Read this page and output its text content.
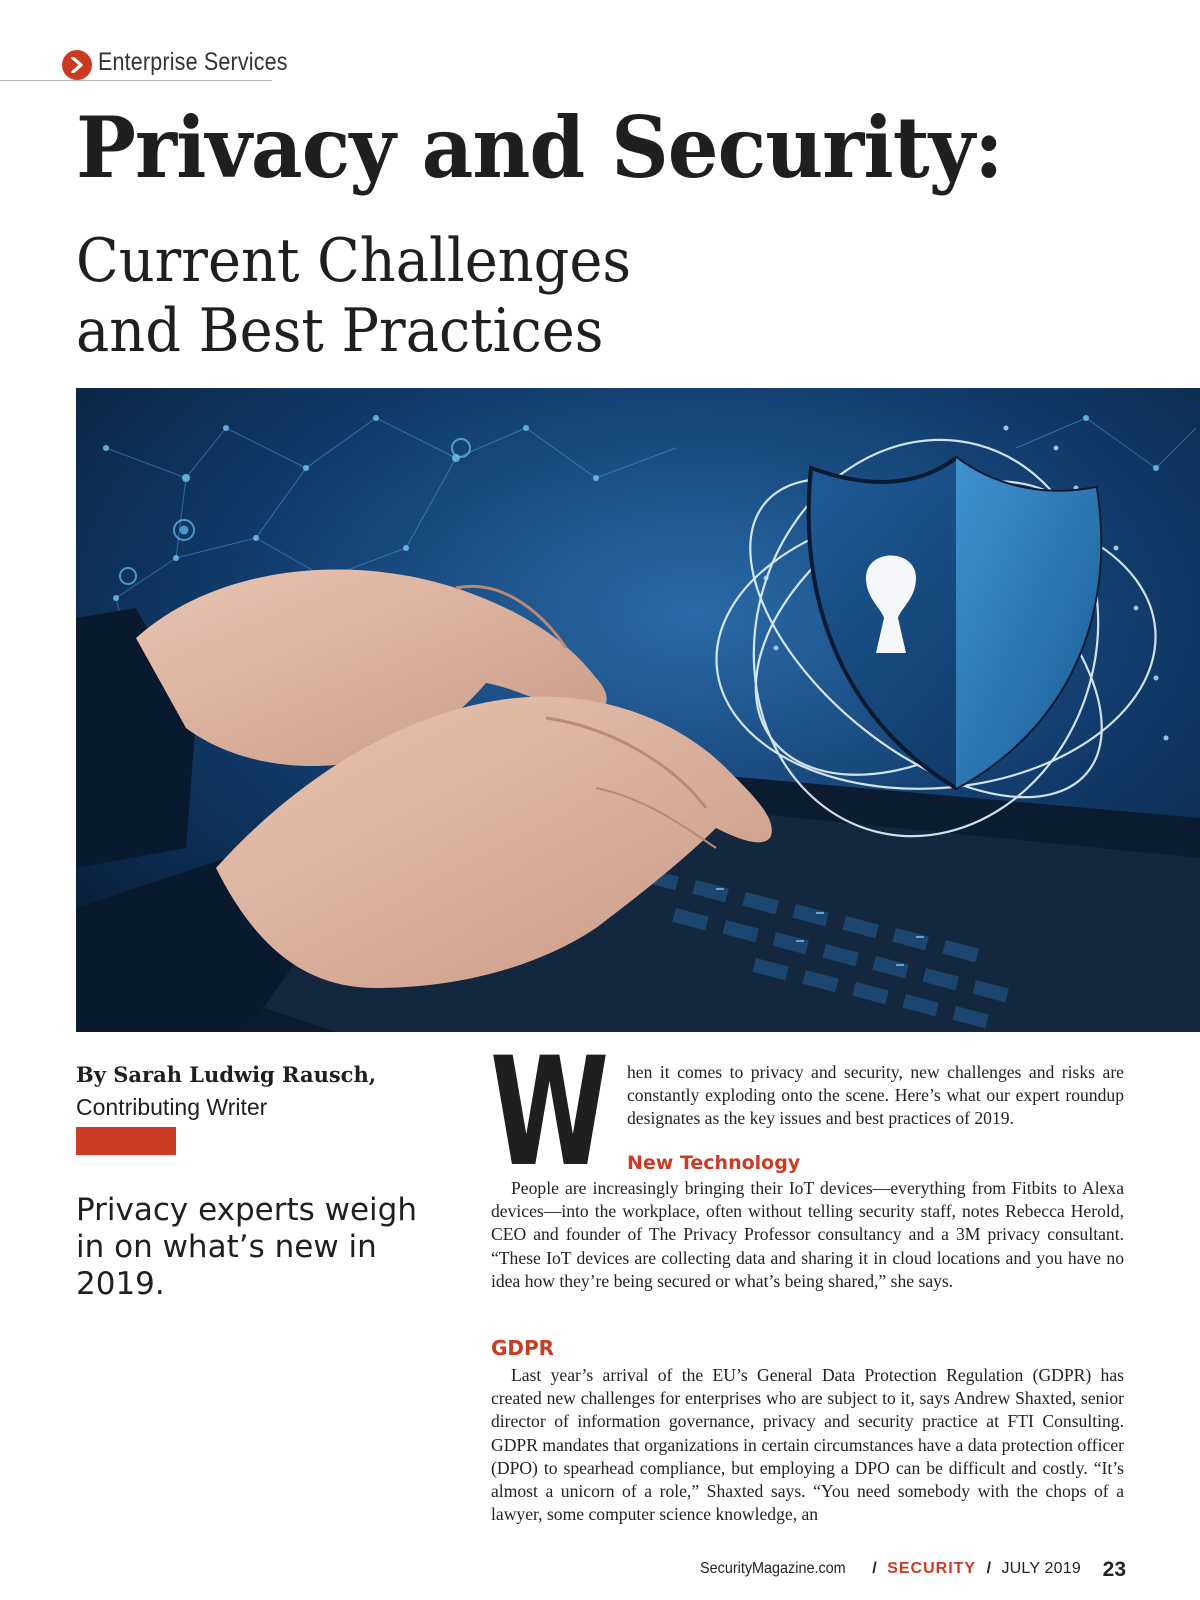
Enterprise Services
Privacy and Security:
Current Challenges
and Best Practices
By Sarah Ludwig Rausch,
Contributing Writer
Privacy experts weigh in on what’s new in 2019.
W hen it comes to privacy and security, new challenges and risks are constantly exploding onto the scene. Here’s what our expert roundup designates as the key issues and best practices of 2019.
New Technology

People are increasingly bringing their IoT devices—everything from Fitbits to Alexa devices—into the workplace, often without telling security staff, notes Rebecca Herold, CEO and founder of The Privacy Professor consultancy and a 3M privacy consultant. “These IoT devices are collecting data and sharing it in cloud locations and you have no idea how they’re being secured or what’s being shared,” she says.

GDPR

Last year’s arrival of the EU’s General Data Protection Regulation (GDPR) has created new challenges for enterprises who are subject to it, says Andrew Shaxted, senior director of information governance, privacy and security practice at FTI Consulting. GDPR mandates that organizations in certain circumstances have a data protection officer (DPO) to spearhead compliance, but employing a DPO can be difficult and costly. “It’s almost a unicorn of a role,” Shaxted says. “You need somebody with the chops of a lawyer, some computer science knowledge, an

SecurityMagazine.com / SECURITY / JULY 2019 23
